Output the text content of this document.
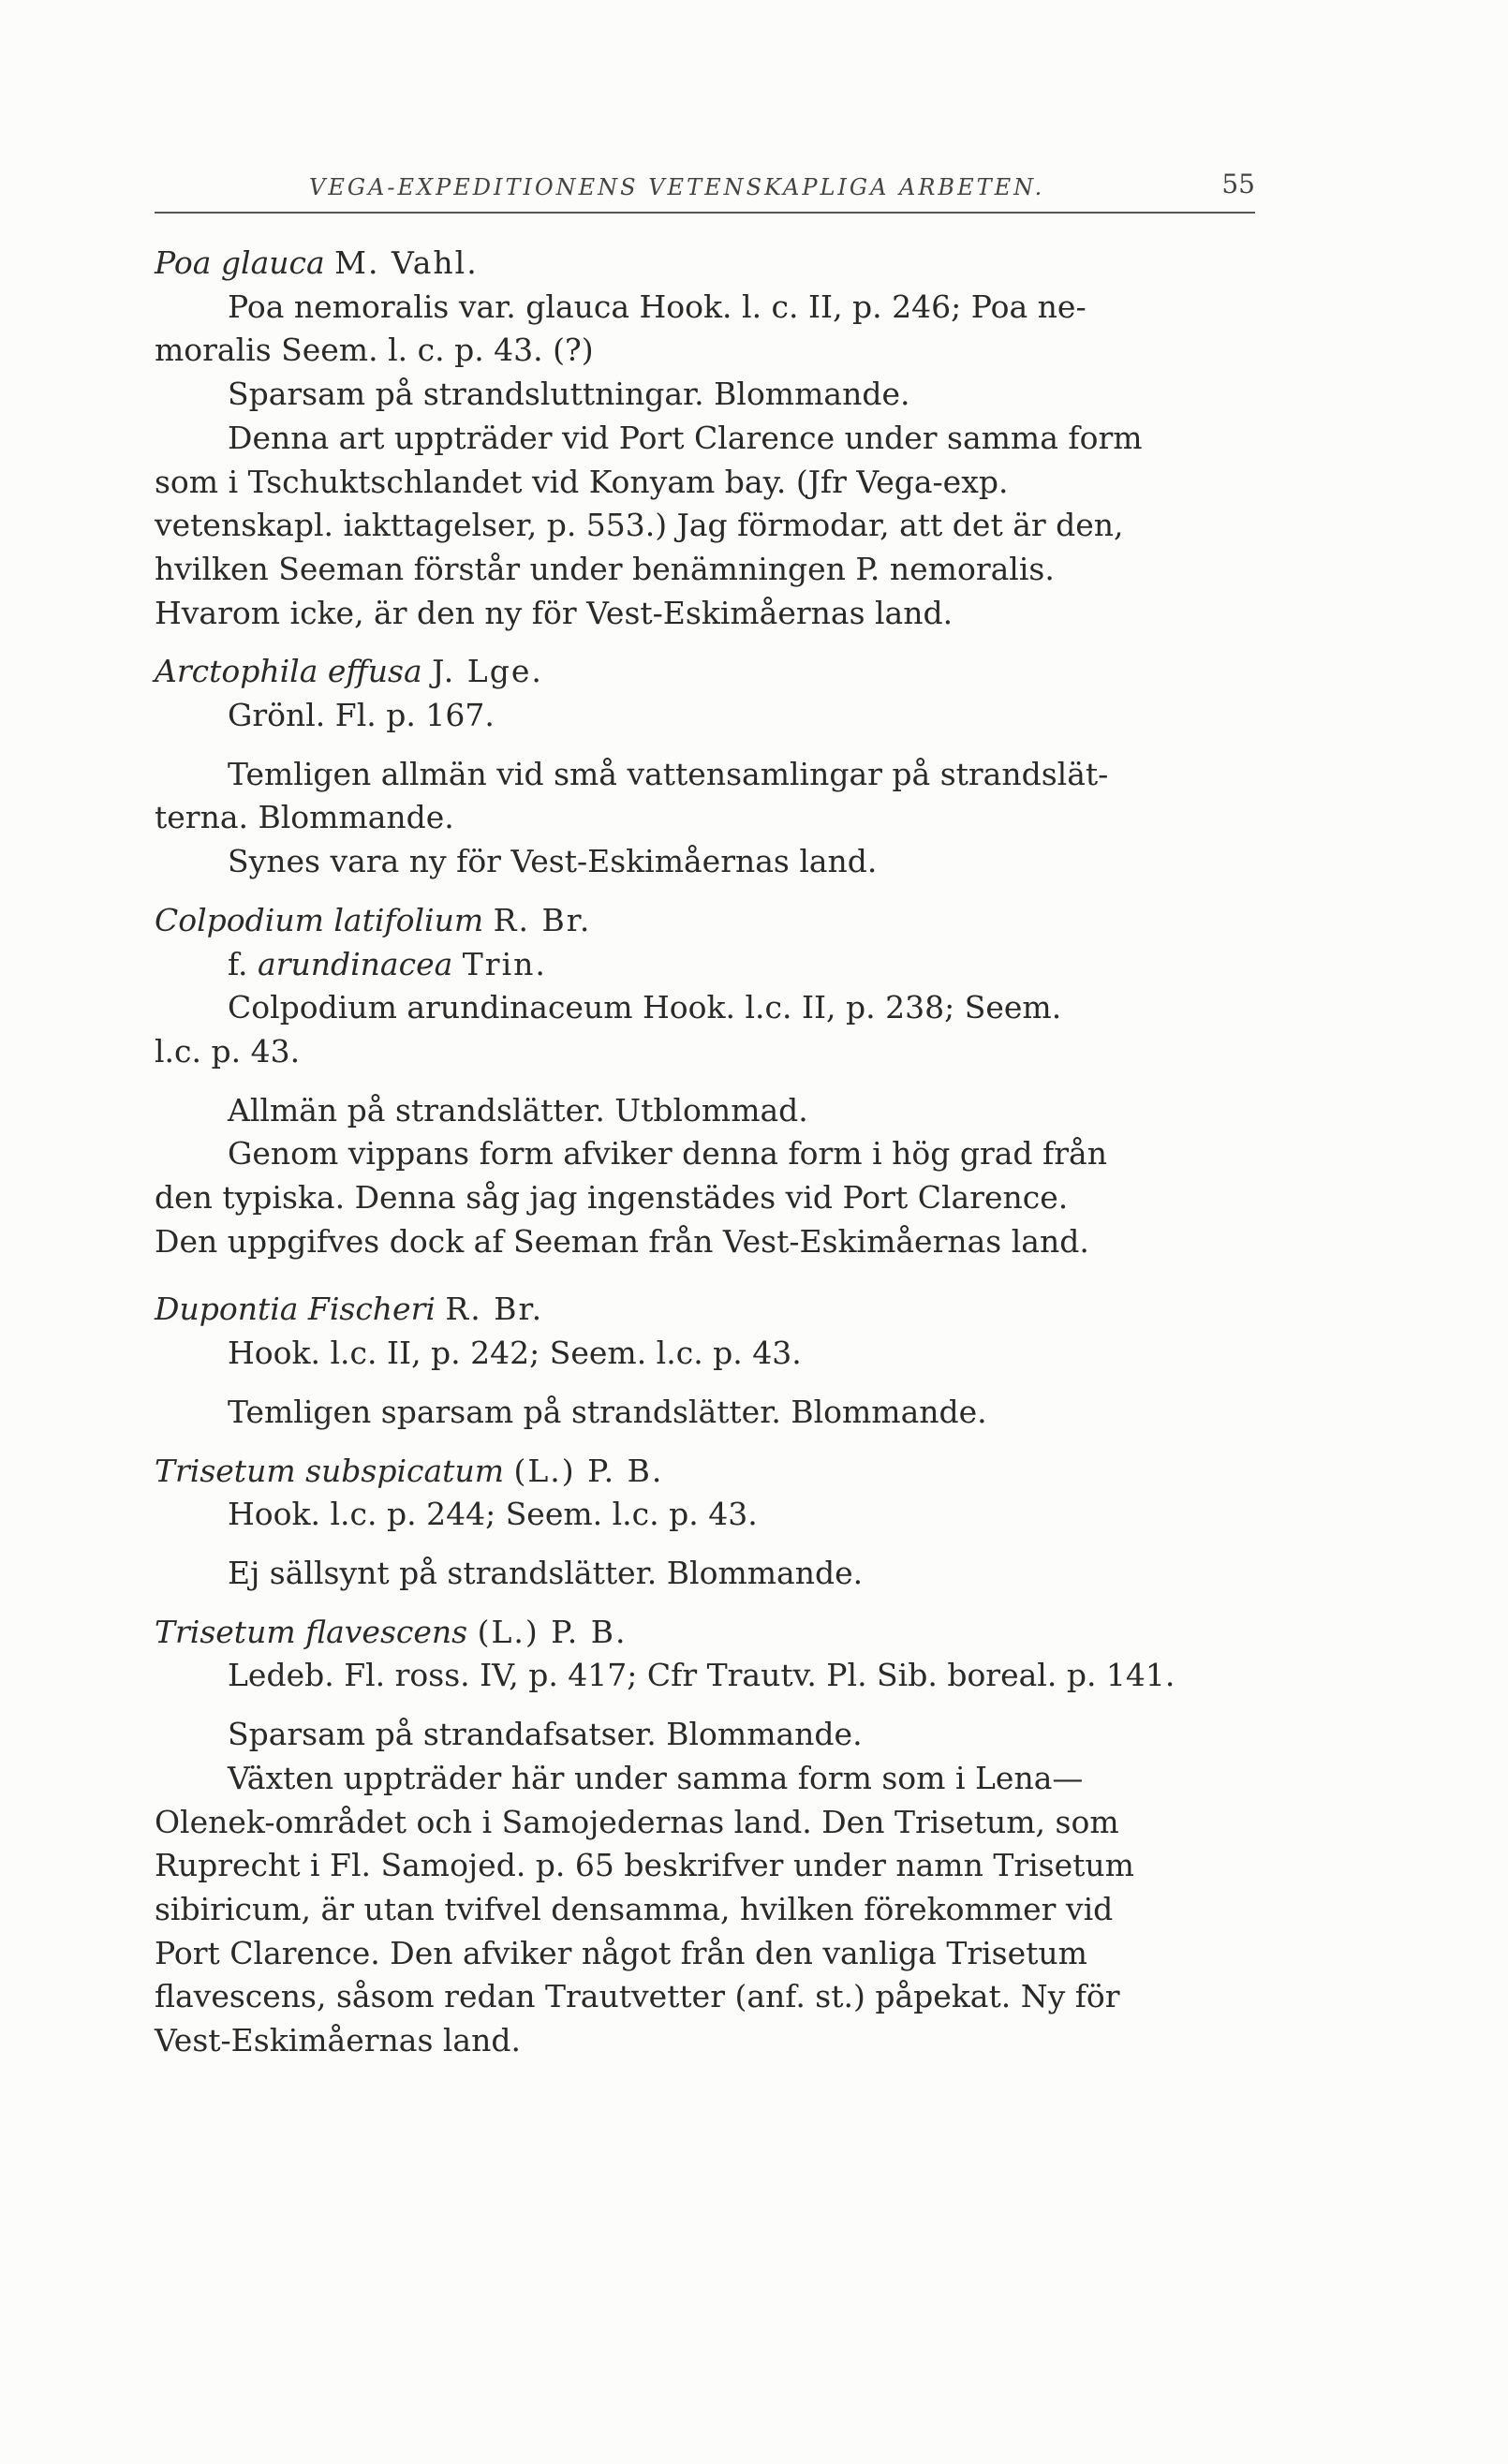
VEGA-EXPEDITIONENS VETENSKAPLIGA ARBETEN.	55

Poa glauca M. Vahl.

Poa nemoralis var. glauca Hook. l. c. II, p. 246; Poa ne-

moralis Seem. l. c. p. 43. (?)

Sparsam på strandsluttningar. Blommande.

Denna art uppträder vid Port Clarence under samma form

som i Tschuktschlandet vid Konyam bay. (Jfr Vega-exp.

vetenskapl. iakttagelser, p. 553.) Jag förmodar, att det är den,

hvilken Seeman förstår under benämningen P. nemoralis.

Hvarom icke, är den ny för Vest-Eskimåernas land.

Arctophila effusa J. Lge.

Grönl. Fl. p. 167.

Temligen allmän vid små vattensamlingar på strandslät-

terna. Blommande.

Synes vara ny för Vest-Eskimåernas land.

Colpodium latifolium R. Br.

f. arundinacea Trin.

Colpodium arundinaceum Hook. l.c. II, p. 238; Seem.

l.c. p. 43.

Allmän på strandslätter. Utblommad.

Genom vippans form afviker denna form i hög grad från

den typiska. Denna såg jag ingenstädes vid Port Clarence.

Den uppgifves dock af Seeman från Vest-Eskimåernas land.

Dupontia Fischeri R. Br.

Hook. l.c. II, p. 242; Seem. l.c. p. 43.

Temligen sparsam på strandslätter. Blommande.

Trisetum subspicatum (L.) P. B.

Hook. l.c. p. 244; Seem. l.c. p. 43.

Ej sällsynt på strandslätter. Blommande.

Trisetum flavescens (L.) P. B.

Ledeb. Fl. ross. IV, p. 417; Cfr Trautv. Pl. Sib. boreal. p. 141.

Sparsam på strandafsatser. Blommande.

Växten uppträder här under samma form som i Lena—

Olenek-området och i Samojedernas land. Den Trisetum, som

Ruprecht i Fl. Samojed. p. 65 beskrifver under namn Trisetum

sibiricum, är utan tvifvel densamma, hvilken förekommer vid

Port Clarence. Den afviker något från den vanliga Trisetum

flavescens, såsom redan Trautvetter (anf. st.) påpekat. Ny för

Vest-Eskimåernas land.
